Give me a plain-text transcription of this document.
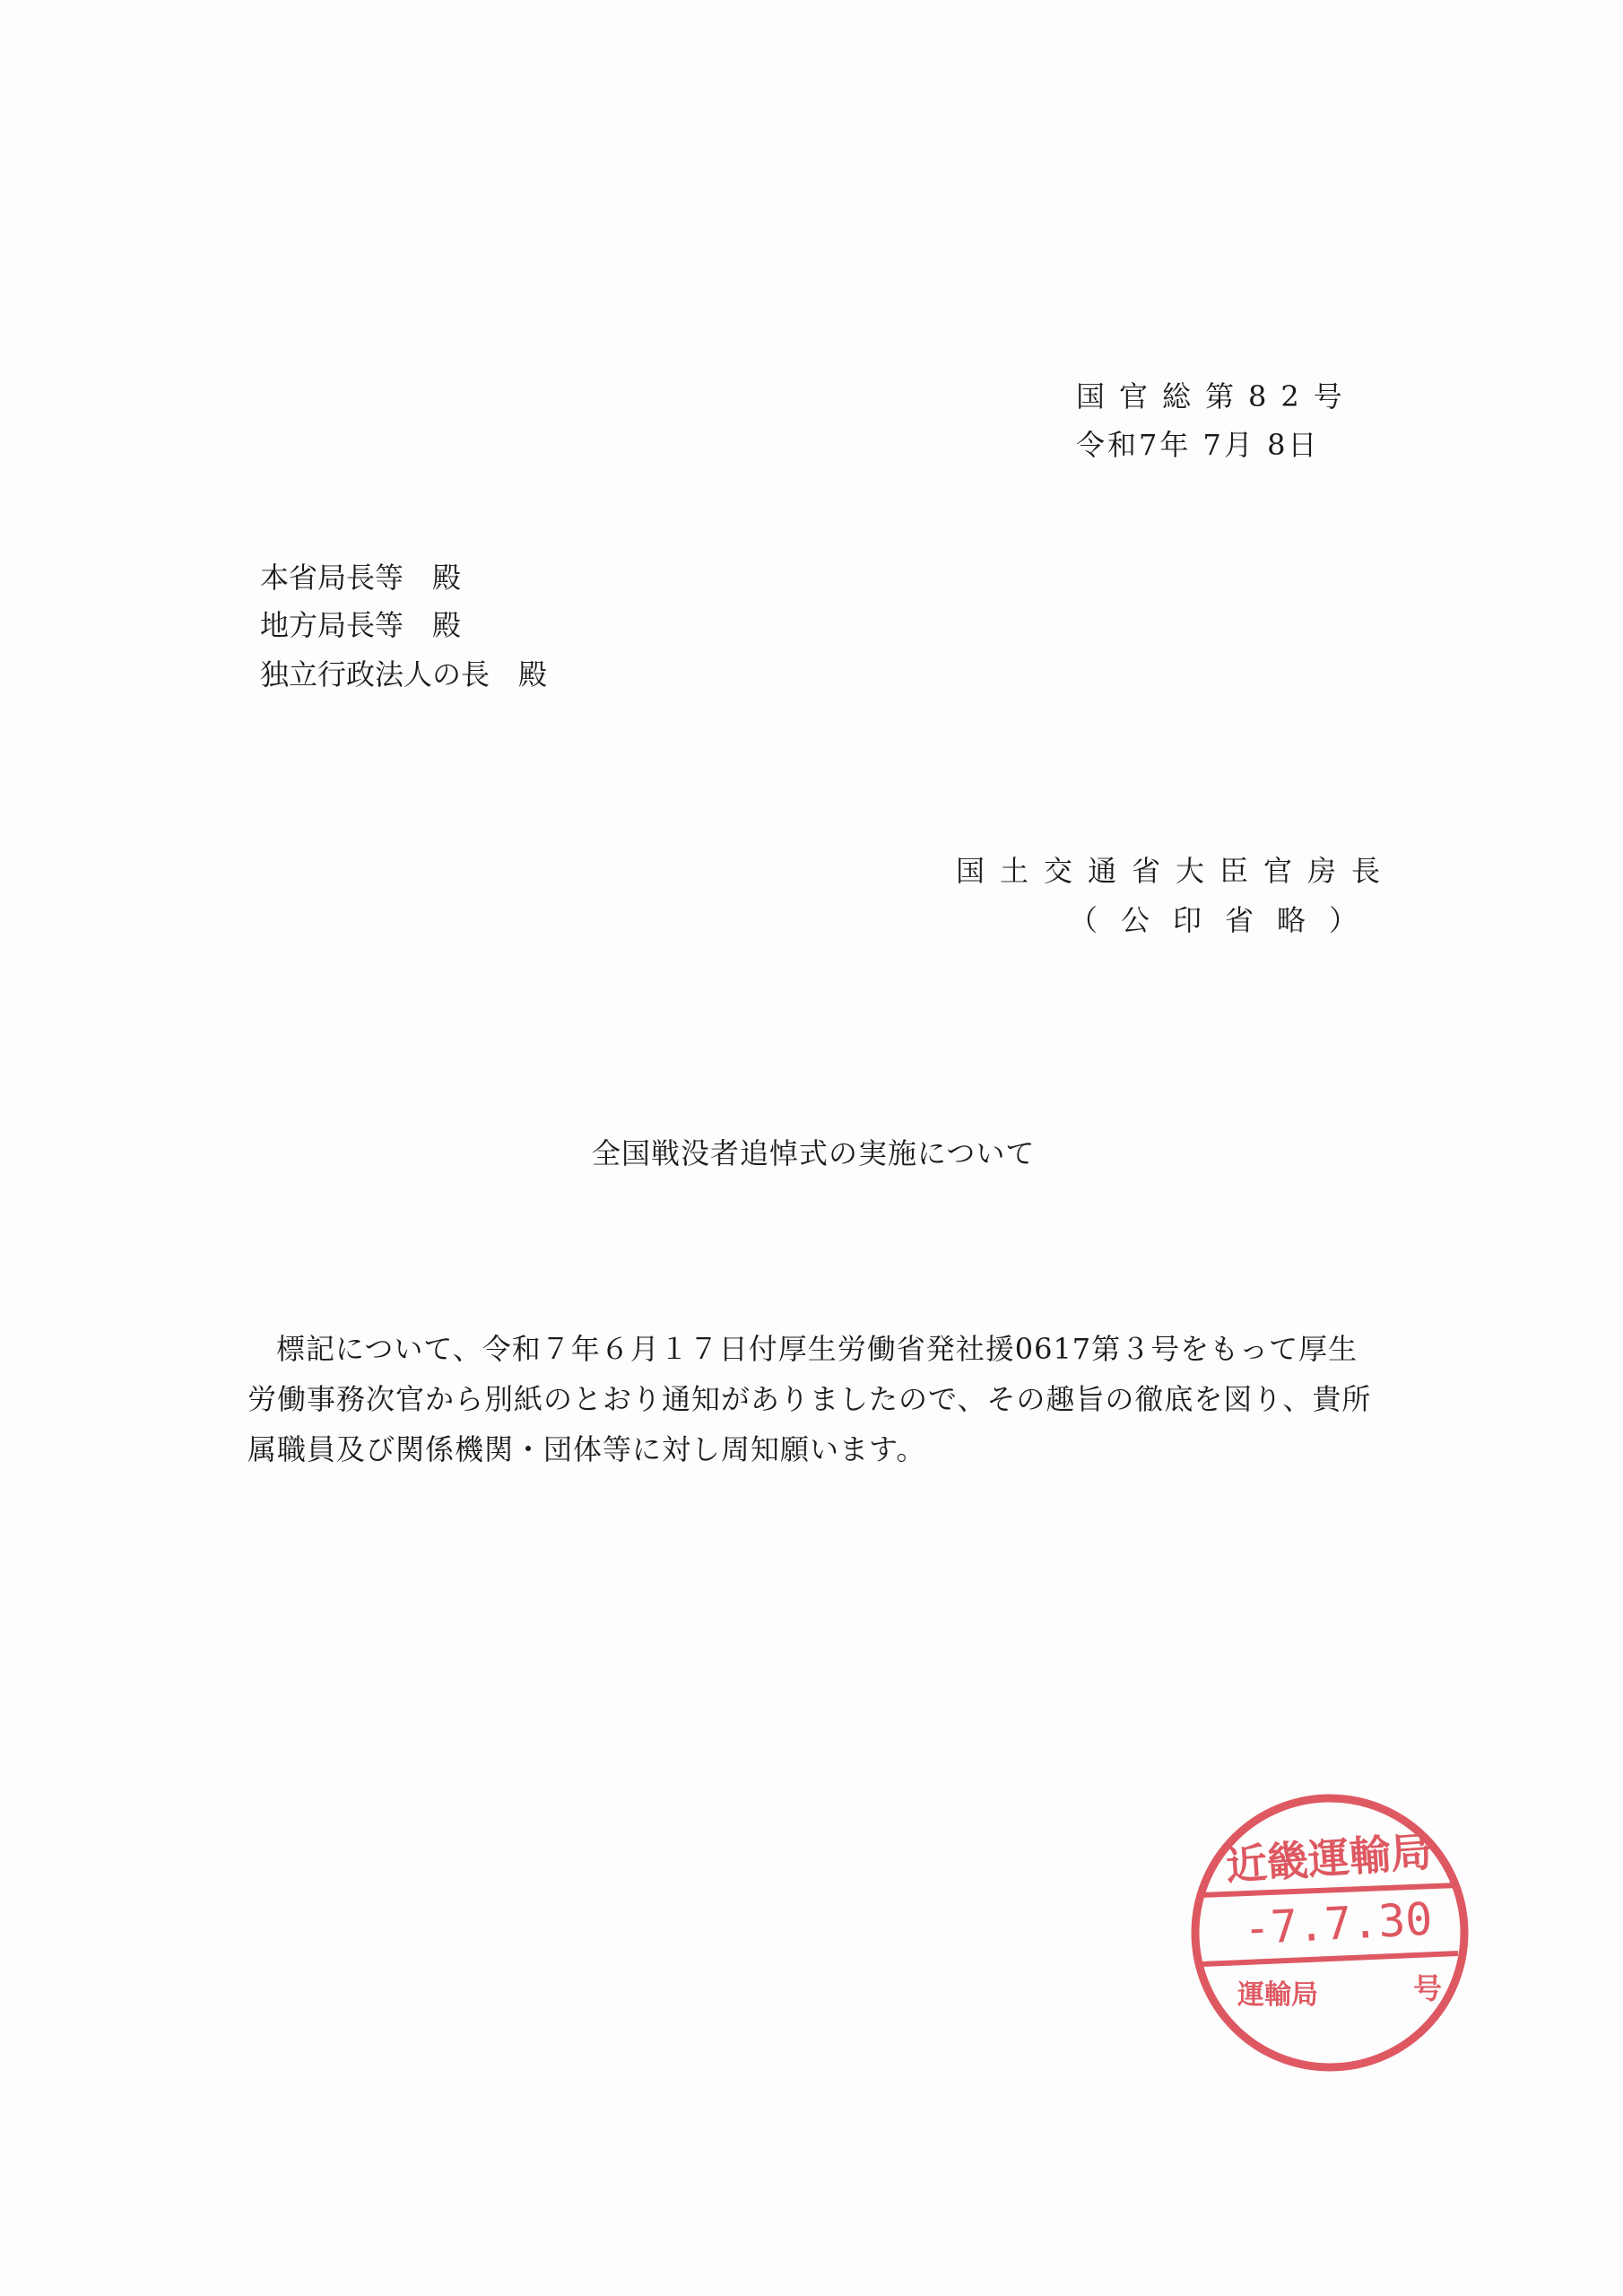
国官総第82号
令和7年 7月 8日
本省局長等　殿
地方局長等　殿
独立行政法人の長　殿
国土交通省大臣官房長
（公印省略）
全国戦没者追悼式の実施について
標記について、令和７年６月１７日付厚生労働省発社援0617第３号をもって厚生労働事務次官から別紙のとおり通知がありましたので、その趣旨の徹底を図り、貴所属職員及び関係機関・団体等に対し周知願います。
近畿運輸局
-7.7.30
運輸局	号
